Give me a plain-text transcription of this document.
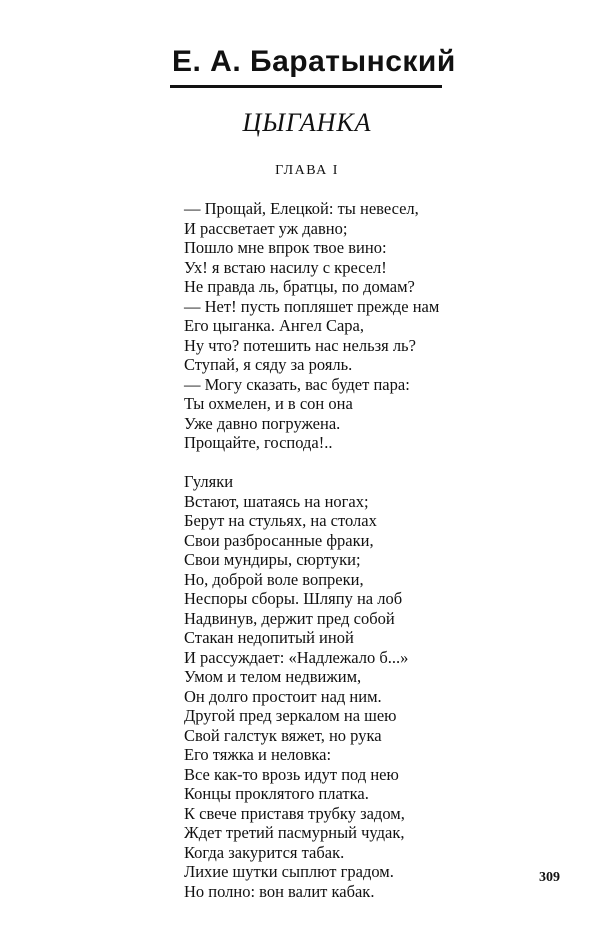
Е. А. Баратынский
ЦЫГАНКА
ГЛАВА I
— Прощай, Елецкой: ты невесел,
И рассветает уж давно;
Пошло мне впрок твое вино:
Ух! я встаю насилу с кресел!
Не правда ль, братцы, по домам?
— Нет! пусть попляшет прежде нам
Его цыганка. Ангел Сара,
Ну что? потешить нас нельзя ль?
Ступай, я сяду за рояль.
— Могу сказать, вас будет пара:
Ты охмелен, и в сон она
Уже давно погружена.
Прощайте, господа!..
Гуляки
Встают, шатаясь на ногах;
Берут на стульях, на столах
Свои разбросанные фраки,
Свои мундиры, сюртуки;
Но, доброй воле вопреки,
Неспоры сборы. Шляпу на лоб
Надвинув, держит пред собой
Стакан недопитый иной
И рассуждает: «Надлежало б...»
Умом и телом недвижим,
Он долго простоит над ним.
Другой пред зеркалом на шею
Свой галстук вяжет, но рука
Его тяжка и неловка:
Все как-то врозь идут под нею
Концы проклятого платка.
К свече приставя трубку задом,
Ждет третий пасмурный чудак,
Когда закурится табак.
Лихие шутки сыплют градом.
Но полно: вон валит кабак.
309
